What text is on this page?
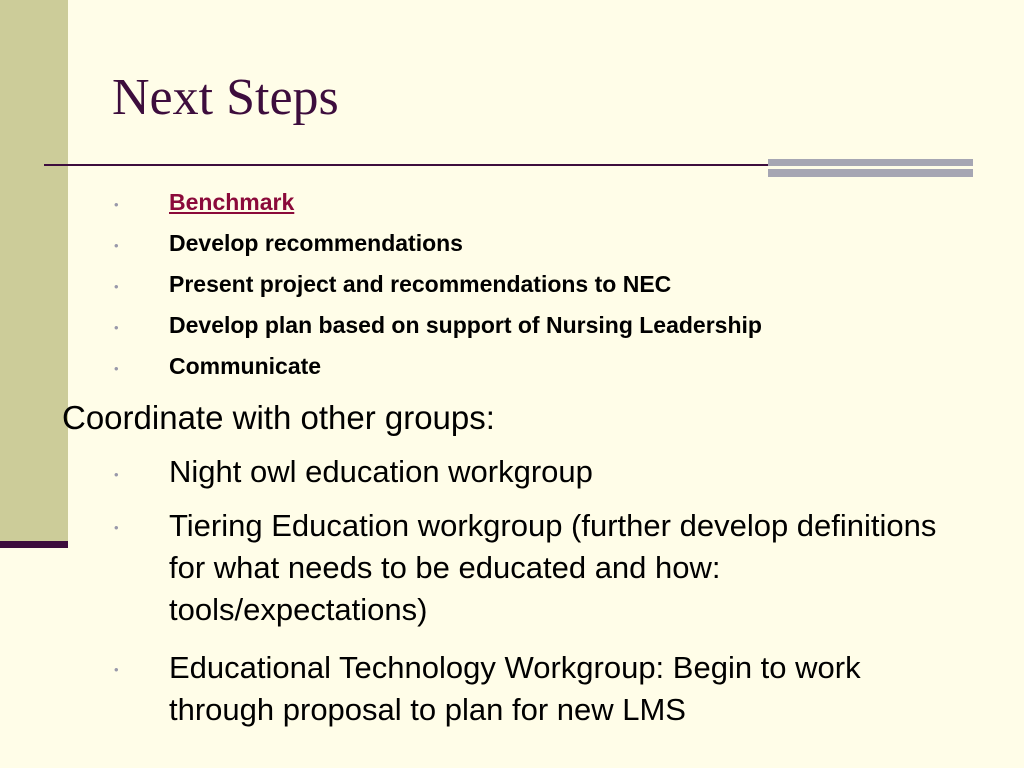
Next Steps
• Benchmark
• Develop recommendations
• Present project and recommendations to NEC
• Develop plan based on support of Nursing Leadership
• Communicate
Coordinate with other groups:
• Night owl education workgroup
• Tiering Education workgroup (further develop definitions for what needs to be educated and how: tools/expectations)
• Educational Technology Workgroup: Begin to work through proposal to plan for new LMS
